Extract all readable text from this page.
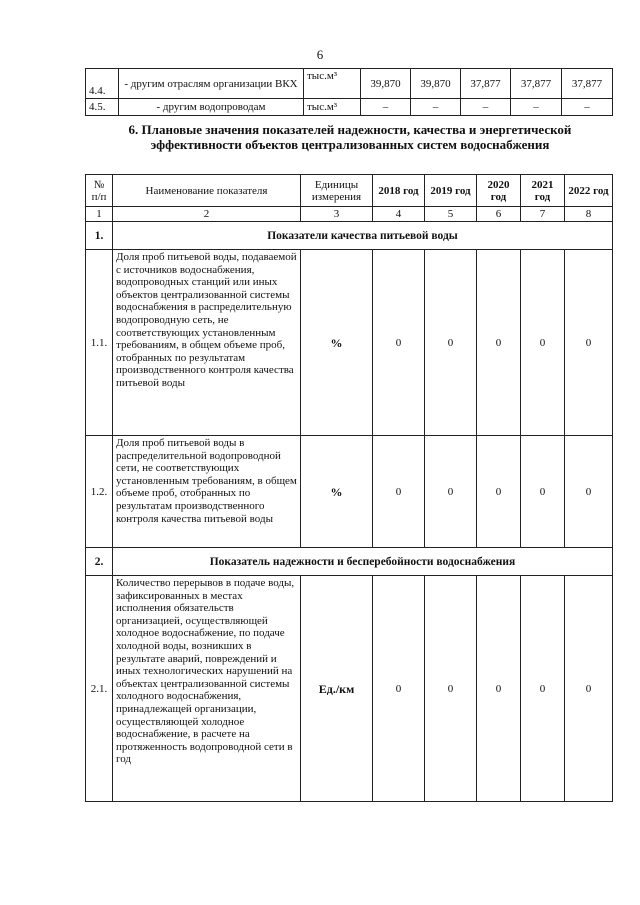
6
4.4.	- другим отраслям организации ВКХ	тыс.м³	39,870	39,870	37,877	37,877	37,877
4.5.	- другим водопроводам	тыс.м³	–	–	–	–	–
6. Плановые значения показателей надежности, качества и энергетической эффективности объектов централизованных систем водоснабжения
№ п/п	Наименование показателя	Единицы измерения	2018 год	2019 год	2020 год	2021 год	2022 год
1	2	3	4	5	6	7	8
1.	Показатели качества питьевой воды						
1.1.	Доля проб питьевой воды, подаваемой с источников водоснабжения, водопроводных станций или иных объектов централизованной системы водоснабжения в распределительную водопроводную сеть, не соответствующих установленным требованиям, в общем объеме проб, отобранных по результатам производственного контроля качества питьевой воды	%	0	0	0	0	0
1.2.	Доля проб питьевой воды в распределительной водопроводной сети, не соответствующих установленным требованиям, в общем объеме проб, отобранных по результатам производственного контроля качества питьевой воды	%	0	0	0	0	0
2.	Показатель надежности и бесперебойности водоснабжения						
2.1.	Количество перерывов в подаче воды, зафиксированных в местах исполнения обязательств организацией, осуществляющей холодное водоснабжение, по подаче холодной воды, возникших в результате аварий, повреждений и иных технологических нарушений на объектах централизованной системы холодного водоснабжения, принадлежащей организации, осуществляющей холодное водоснабжение, в расчете на протяженность водопроводной сети в год	Ед./км	0	0	0	0	0
